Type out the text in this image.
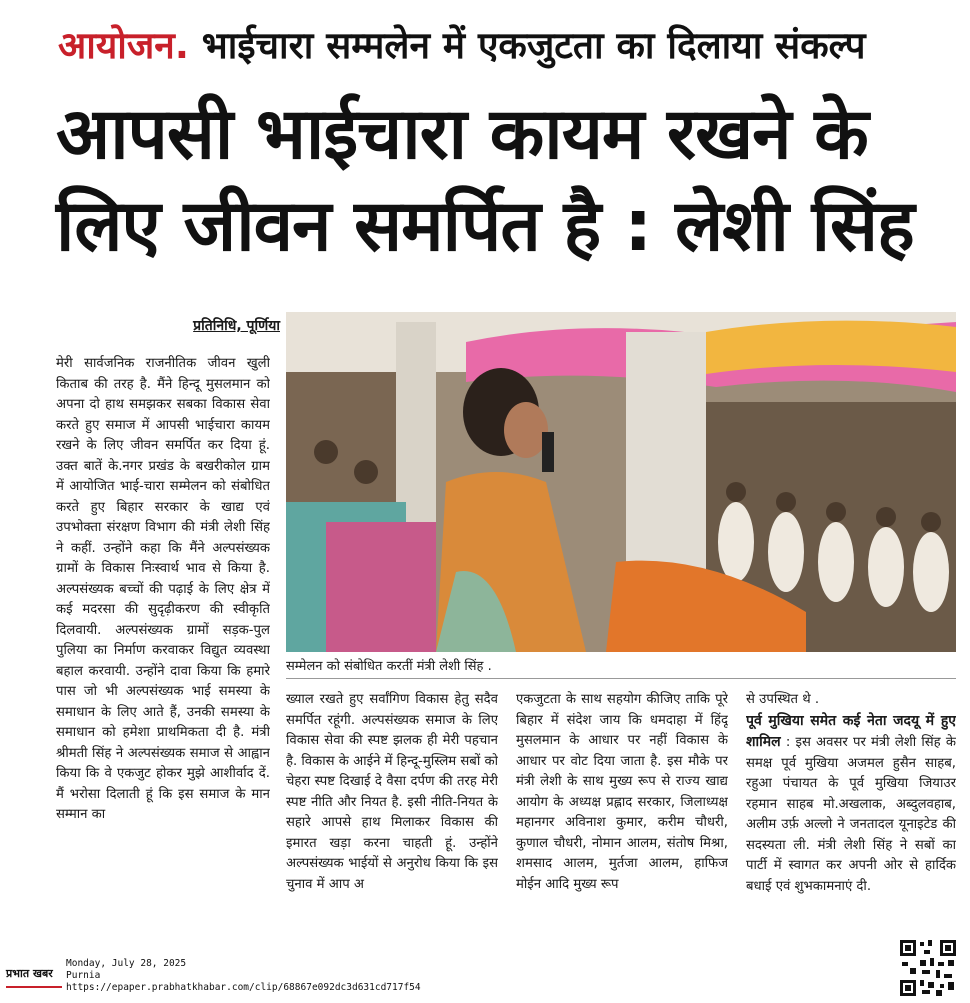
आयोजन. भाईचारा सम्मलेन में एकजुटता का दिलाया संकल्प
आपसी भाईचारा कायम रखने के
लिए जीवन समर्पित है : लेशी सिंह
प्रतिनिधि, पूर्णिया
मेरी सार्वजनिक राजनीतिक जीवन खुली किताब की तरह है. मैंने हिन्दू मुसलमान को अपना दो हाथ समझकर सबका विकास सेवा करते हुए समाज में आपसी भाईचारा कायम रखने के लिए जीवन समर्पित कर दिया हूं. उक्त बातें के.नगर प्रखंड के बखरीकोल ग्राम में आयोजित भाई-चारा सम्मेलन को संबोधित करते हुए बिहार सरकार के खाद्य एवं उपभोक्ता संरक्षण विभाग की मंत्री लेशी सिंह ने कहीं. उन्होंने कहा कि मैंने अल्पसंख्यक ग्रामों के विकास निःस्वार्थ भाव से किया है. अल्पसंख्यक बच्चों की पढ़ाई के लिए क्षेत्र में कई मदरसा की सुदृढ़ीकरण की स्वीकृति दिलवायी. अल्पसंख्यक ग्रामों सड़क-पुल पुलिया का निर्माण करवाकर विद्युत व्यवस्था बहाल करवायी. उन्होंने दावा किया कि हमारे पास जो भी अल्पसंख्यक भाई समस्या के समाधान के लिए आते हैं, उनकी समस्या के समाधान को हमेशा प्राथमिकता दी है. मंत्री श्रीमती सिंह ने अल्पसंख्यक समाज से आह्वान किया कि वे एकजुट होकर मुझे आशीर्वाद दें. मैं भरोसा दिलाती हूं कि इस समाज के मान सम्मान का
सम्मेलन को संबोधित करतीं मंत्री लेशी सिंह .
ख्याल रखते हुए सर्वांगिण विकास हेतु सदैव समर्पित रहूंगी. अल्पसंख्यक समाज के लिए विकास सेवा की स्पष्ट झलक ही मेरी पहचान है. विकास के आईने में हिन्दू-मुस्लिम सबों को चेहरा स्पष्ट दिखाई दे वैसा दर्पण की तरह मेरी स्पष्ट नीति और नियत है. इसी नीति-नियत के सहारे आपसे हाथ मिलाकर विकास की इमारत खड़ा करना चाहती हूं. उन्होंने अल्पसंख्यक भाईयों से अनुरोध किया कि इस चुनाव में आप अ
एकजुटता के साथ सहयोग कीजिए ताकि पूरे बिहार में संदेश जाय कि धमदाहा में हिंदू मुसलमान के आधार पर नहीं विकास के आधार पर वोट दिया जाता है. इस मौके पर मंत्री लेशी के साथ मुख्य रूप से राज्य खाद्य आयोग के अध्यक्ष प्रह्लाद सरकार, जिलाध्यक्ष महानगर अविनाश कुमार, करीम चौधरी, कुणाल चौधरी, नोमान आलम, संतोष मिश्रा, शमसाद आलम, मुर्तजा आलम, हाफिज मोईन आदि मुख्य रूप
से उपस्थित थे .
पूर्व मुखिया समेत कई नेता जदयू में हुए शामिल : इस अवसर पर मंत्री लेशी सिंह के समक्ष पूर्व मुखिया अजमल हुसैन साहब, रहुआ पंचायत के पूर्व मुखिया जियाउर रहमान साहब मो.अखलाक, अब्दुलवहाब, अलीम उर्फ़ अल्लो ने जनतादल यूनाइटेड की सदस्यता ली. मंत्री लेशी सिंह ने सबों का पार्टी में स्वागत कर अपनी ओर से हार्दिक बधाई एवं शुभकामनाएं दी.
प्रभात खबर
Monday, July 28, 2025
Purnia
https://epaper.prabhatkhabar.com/clip/68867e092dc3d631cd717f54
